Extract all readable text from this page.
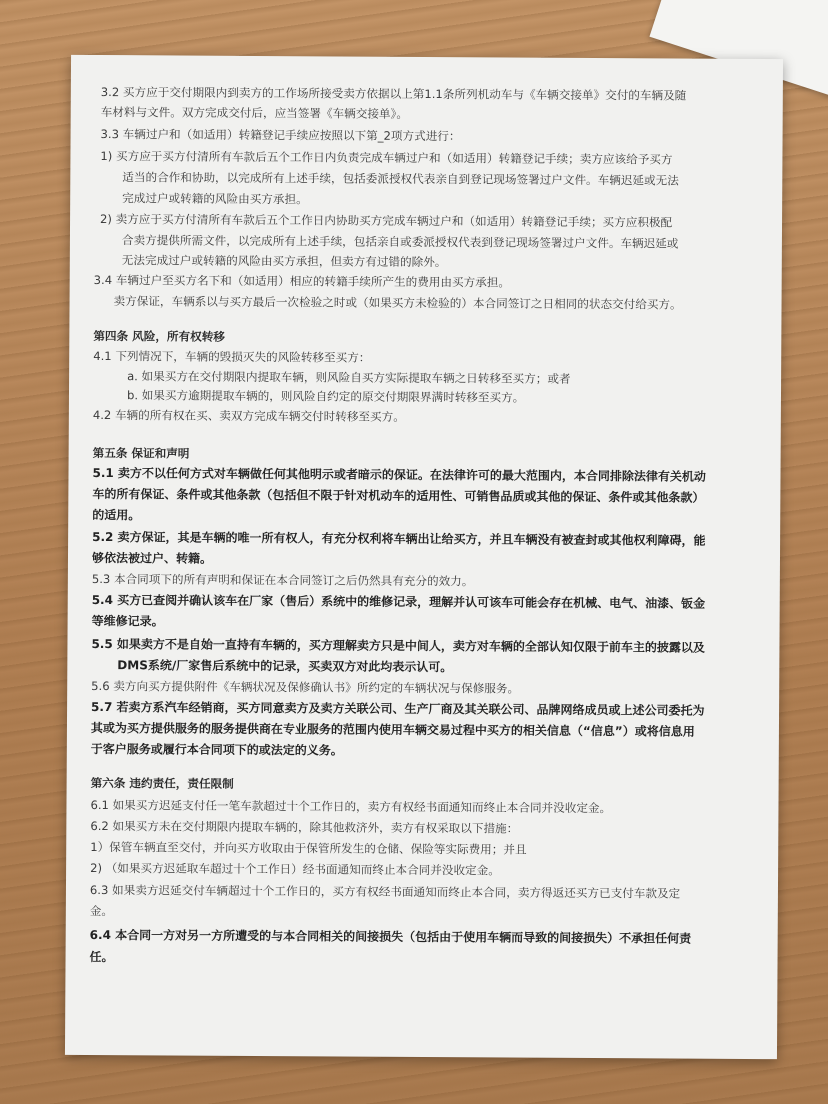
3.2 买方应于交付期限内到卖方的工作场所接受卖方依据以上第1.1条所列机动车与《车辆交接单》交付的车辆及随
车材料与文件。双方完成交付后，应当签署《车辆交接单》。
3.3 车辆过户和（如适用）转籍登记手续应按照以下第_2项方式进行：
1) 买方应于买方付清所有车款后五个工作日内负责完成车辆过户和（如适用）转籍登记手续；卖方应该给予买方
适当的合作和协助，以完成所有上述手续，包括委派授权代表亲自到登记现场签署过户文件。车辆迟延或无法
完成过户或转籍的风险由买方承担。
2) 卖方应于买方付清所有车款后五个工作日内协助买方完成车辆过户和（如适用）转籍登记手续；买方应积极配
合卖方提供所需文件，以完成所有上述手续，包括亲自或委派授权代表到登记现场签署过户文件。车辆迟延或
无法完成过户或转籍的风险由买方承担，但卖方有过错的除外。
3.4 车辆过户至买方名下和（如适用）相应的转籍手续所产生的费用由买方承担。
卖方保证，车辆系以与买方最后一次检验之时或（如果买方未检验的）本合同签订之日相同的状态交付给买方。
第四条 风险，所有权转移
4.1 下列情况下，车辆的毁损灭失的风险转移至买方：
a. 如果买方在交付期限内提取车辆，则风险自买方实际提取车辆之日转移至买方；或者
b. 如果买方逾期提取车辆的，则风险自约定的原交付期限界满时转移至买方。
4.2 车辆的所有权在买、卖双方完成车辆交付时转移至买方。
第五条 保证和声明
5.1 卖方不以任何方式对车辆做任何其他明示或者暗示的保证。在法律许可的最大范围内，本合同排除法律有关机动
车的所有保证、条件或其他条款（包括但不限于针对机动车的适用性、可销售品质或其他的保证、条件或其他条款）
的适用。
5.2 卖方保证，其是车辆的唯一所有权人，有充分权利将车辆出让给买方，并且车辆没有被查封或其他权利障碍，能
够依法被过户、转籍。
5.3 本合同项下的所有声明和保证在本合同签订之后仍然具有充分的效力。
5.4 买方已查阅并确认该车在厂家（售后）系统中的维修记录，理解并认可该车可能会存在机械、电气、油漆、钣金
等维修记录。
5.5 如果卖方不是自始一直持有车辆的，买方理解卖方只是中间人，卖方对车辆的全部认知仅限于前车主的披露以及
DMS系统/厂家售后系统中的记录，买卖双方对此均表示认可。
5.6 卖方向买方提供附件《车辆状况及保修确认书》所约定的车辆状况与保修服务。
5.7 若卖方系汽车经销商，买方同意卖方及卖方关联公司、生产厂商及其关联公司、品牌网络成员或上述公司委托为
其或为买方提供服务的服务提供商在专业服务的范围内使用车辆交易过程中买方的相关信息（“信息”）或将信息用
于客户服务或履行本合同项下的或法定的义务。
第六条 违约责任，责任限制
6.1 如果买方迟延支付任一笔车款超过十个工作日的，卖方有权经书面通知而终止本合同并没收定金。
6.2 如果买方未在交付期限内提取车辆的，除其他救济外，卖方有权采取以下措施：
1）保管车辆直至交付，并向买方收取由于保管所发生的仓储、保险等实际费用；并且
2) （如果买方迟延取车超过十个工作日）经书面通知而终止本合同并没收定金。
6.3 如果卖方迟延交付车辆超过十个工作日的，买方有权经书面通知而终止本合同，卖方得返还买方已支付车款及定
金。
6.4 本合同一方对另一方所遭受的与本合同相关的间接损失（包括由于使用车辆而导致的间接损失）不承担任何责
任。
